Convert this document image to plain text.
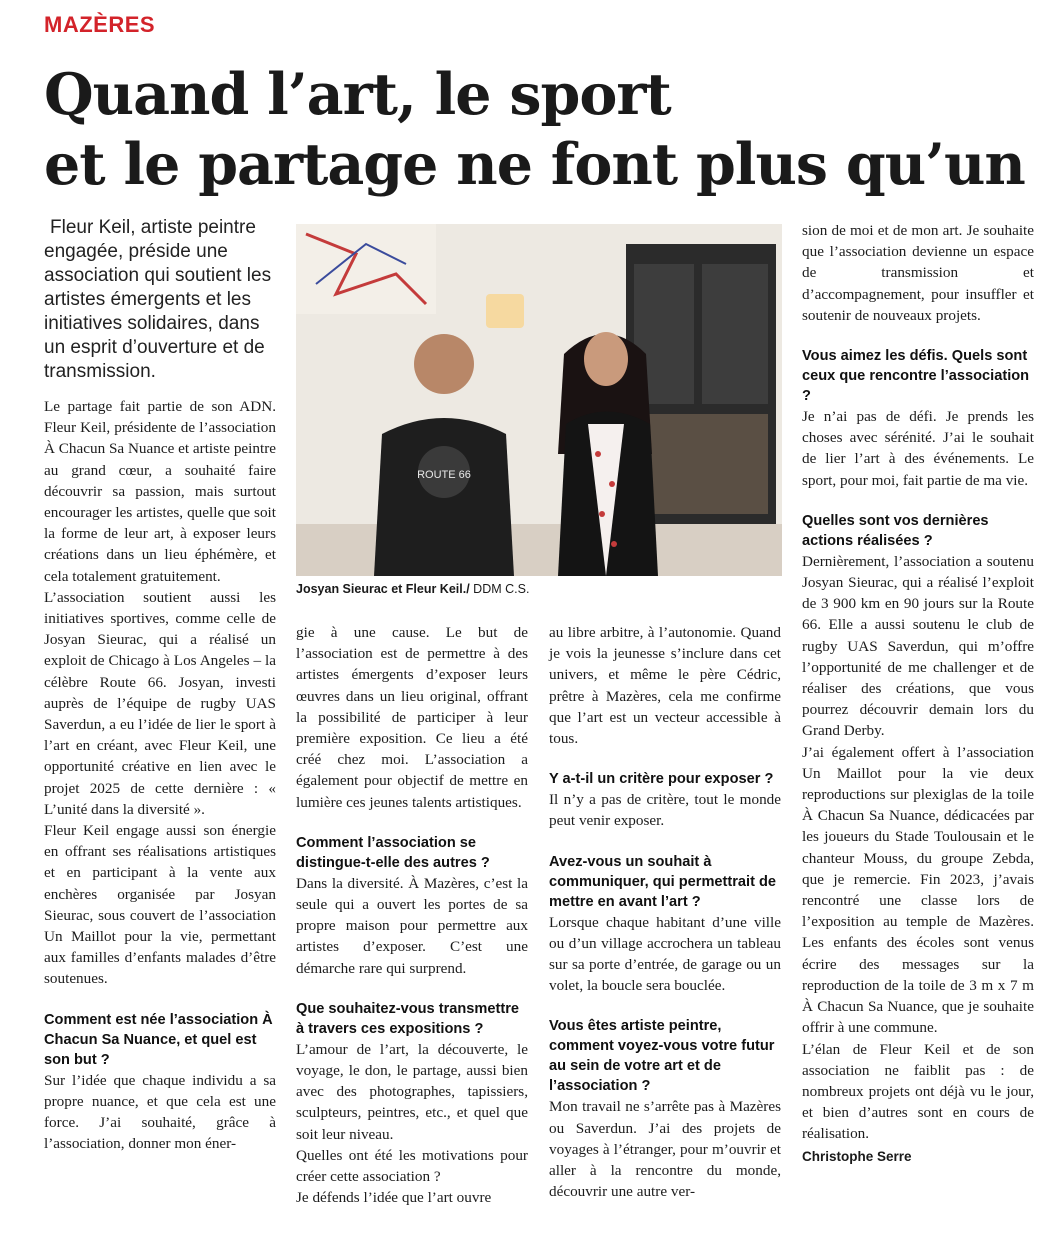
MAZÈRES
Quand l’art, le sport
et le partage ne font plus qu’un

Fleur Keil, artiste peintre engagée, préside une association qui soutient les artistes émergents et les initiatives solidaires, dans un esprit d’ouverture et de transmission.

Le partage fait partie de son ADN. Fleur Keil, présidente de l’association À Chacun Sa Nuance et artiste peintre au grand cœur, a souhaité faire découvrir sa passion, mais surtout encourager les artistes, quelle que soit la forme de leur art, à exposer leurs créations dans un lieu éphémère, et cela totalement gratuitement.

L’association soutient aussi les initiatives sportives, comme celle de Josyan Sieurac, qui a réalisé un exploit de Chicago à Los Angeles – la célèbre Route 66. Josyan, investi auprès de l’équipe de rugby UAS Saverdun, a eu l’idée de lier le sport à l’art en créant, avec Fleur Keil, une opportunité créative en lien avec le projet 2025 de cette dernière : « L’unité dans la diversité ».

Fleur Keil engage aussi son énergie en offrant ses réalisations artistiques et en participant à la vente aux enchères organisée par Josyan Sieurac, sous couvert de l’association Un Maillot pour la vie, permettant aux familles d’enfants malades d’être soutenues.

Comment est née l’association À Chacun Sa Nuance, et quel est son but ?

Sur l’idée que chaque individu a sa propre nuance, et que cela est une force. J’ai souhaité, grâce à l’association, donner mon éner-

ROUTE 66
Josyan Sieurac et Fleur Keil./ DDM C.S.

gie à une cause. Le but de l’association est de permettre à des artistes émergents d’exposer leurs œuvres dans un lieu original, offrant la possibilité de participer à leur première exposition. Ce lieu a été créé chez moi. L’association a également pour objectif de mettre en lumière ces jeunes talents artistiques.

Comment l’association se distingue-t-elle des autres ?

Dans la diversité. À Mazères, c’est la seule qui a ouvert les portes de sa propre maison pour permettre aux artistes d’exposer. C’est une démarche rare qui surprend.

Que souhaitez-vous transmettre à travers ces expositions ?

L’amour de l’art, la découverte, le voyage, le don, le partage, aussi bien avec des photographes, tapissiers, sculpteurs, peintres, etc., et quel que soit leur niveau.

Quelles ont été les motivations pour créer cette association ?

Je défends l’idée que l’art ouvre

au libre arbitre, à l’autonomie. Quand je vois la jeunesse s’inclure dans cet univers, et même le père Cédric, prêtre à Mazères, cela me confirme que l’art est un vecteur accessible à tous.

Y a-t-il un critère pour exposer ?

Il n’y a pas de critère, tout le monde peut venir exposer.

Avez-vous un souhait à communiquer, qui permettrait de mettre en avant l’art ?

Lorsque chaque habitant d’une ville ou d’un village accrochera un tableau sur sa porte d’entrée, de garage ou un volet, la boucle sera bouclée.

Vous êtes artiste peintre, comment voyez-vous votre futur au sein de votre art et de l’association ?

Mon travail ne s’arrête pas à Mazères ou Saverdun. J’ai des projets de voyages à l’étranger, pour m’ouvrir et aller à la rencontre du monde, découvrir une autre ver-

sion de moi et de mon art. Je souhaite que l’association devienne un espace de transmission et d’accompagnement, pour insuffler et soutenir de nouveaux projets.

Vous aimez les défis. Quels sont ceux que rencontre l’association ?

Je n’ai pas de défi. Je prends les choses avec sérénité. J’ai le souhait de lier l’art à des événements. Le sport, pour moi, fait partie de ma vie.

Quelles sont vos dernières actions réalisées ?

Dernièrement, l’association a soutenu Josyan Sieurac, qui a réalisé l’exploit de 3 900 km en 90 jours sur la Route 66. Elle a aussi soutenu le club de rugby UAS Saverdun, qui m’offre l’opportunité de me challenger et de réaliser des créations, que vous pourrez découvrir demain lors du Grand Derby.

J’ai également offert à l’association Un Maillot pour la vie deux reproductions sur plexiglas de la toile À Chacun Sa Nuance, dédicacées par les joueurs du Stade Toulousain et le chanteur Mouss, du groupe Zebda, que je remercie. Fin 2023, j’avais rencontré une classe lors de l’exposition au temple de Mazères. Les enfants des écoles sont venus écrire des messages sur la reproduction de la toile de 3 m x 7 m À Chacun Sa Nuance, que je souhaite offrir à une commune.

L’élan de Fleur Keil et de son association ne faiblit pas : de nombreux projets ont déjà vu le jour, et bien d’autres sont en cours de réalisation.

Christophe Serre
